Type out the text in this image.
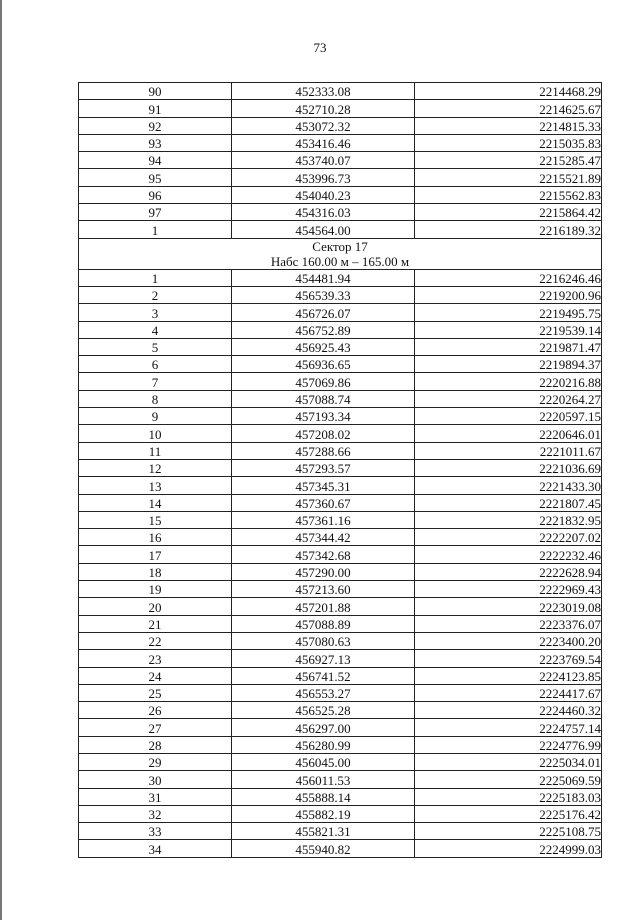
73
90	452333.08	2214468.29
91	452710.28	2214625.67
92	453072.32	2214815.33
93	453416.46	2215035.83
94	453740.07	2215285.47
95	453996.73	2215521.89
96	454040.23	2215562.83
97	454316.03	2215864.42
1	454564.00	2216189.32

Сектор 17
Набс 160.00 м – 165.00 м		

1	454481.94	2216246.46
2	456539.33	2219200.96
3	456726.07	2219495.75
4	456752.89	2219539.14
5	456925.43	2219871.47
6	456936.65	2219894.37
7	457069.86	2220216.88
8	457088.74	2220264.27
9	457193.34	2220597.15
10	457208.02	2220646.01
11	457288.66	2221011.67
12	457293.57	2221036.69
13	457345.31	2221433.30
14	457360.67	2221807.45
15	457361.16	2221832.95
16	457344.42	2222207.02
17	457342.68	2222232.46
18	457290.00	2222628.94
19	457213.60	2222969.43
20	457201.88	2223019.08
21	457088.89	2223376.07
22	457080.63	2223400.20
23	456927.13	2223769.54
24	456741.52	2224123.85
25	456553.27	2224417.67
26	456525.28	2224460.32
27	456297.00	2224757.14
28	456280.99	2224776.99
29	456045.00	2225034.01
30	456011.53	2225069.59
31	455888.14	2225183.03
32	455882.19	2225176.42
33	455821.31	2225108.75
34	455940.82	2224999.03
